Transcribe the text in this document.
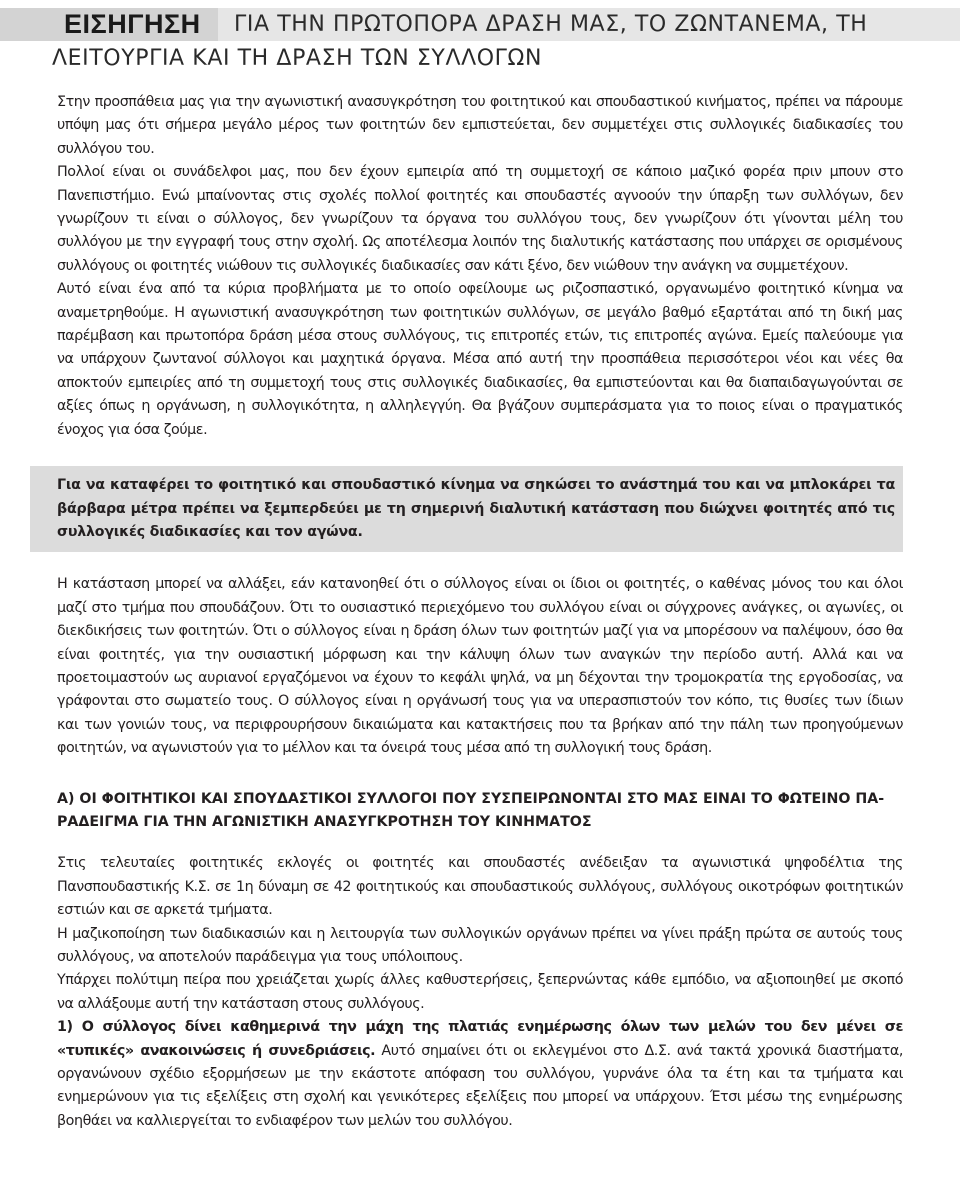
ΕΙΣΗΓΗΣΗ	ΓΙΑ ΤΗΝ ΠΡΩΤΟΠΟΡΑ ΔΡΑΣΗ ΜΑΣ, ΤΟ ΖΩΝΤΑΝΕΜΑ, ΤΗ
ΛΕΙΤΟΥΡΓΙΑ ΚΑΙ ΤΗ ΔΡΑΣΗ ΤΩΝ ΣΥΛΛΟΓΩΝ

Στην προσπάθεια μας για την αγωνιστική ανασυγκρότηση του φοιτητικού και σπουδαστικού κινήματος, πρέπει να πάρουμε υπόψη μας ότι σήμερα μεγάλο μέρος των φοιτητών δεν εμπιστεύεται, δεν συμμετέχει στις συλλογικές διαδικασίες του συλλόγου του.

Πολλοί είναι οι συνάδελφοι μας, που δεν έχουν εμπειρία από τη συμμετοχή σε κάποιο μαζικό φορέα πριν μπουν στο Πανεπιστήμιο. Ενώ μπαίνοντας στις σχολές πολλοί φοιτητές και σπουδαστές αγνοούν την ύπαρξη των συλλόγων, δεν γνωρίζουν τι είναι ο σύλλογος, δεν γνωρίζουν τα όργανα του συλλόγου τους, δεν γνωρίζουν ότι γίνονται μέλη του συλλόγου με την εγγραφή τους στην σχολή. Ως αποτέλεσμα λοιπόν της διαλυτικής κατάστασης που υπάρχει σε ορισμένους συλλόγους οι φοιτητές νιώθουν τις συλλογικές διαδικασίες σαν κάτι ξένο, δεν νιώθουν την ανάγκη να συμμετέχουν.

Αυτό είναι ένα από τα κύρια προβλήματα με το οποίο οφείλουμε ως ριζοσπαστικό, οργανωμένο φοιτητικό κίνημα να αναμετρηθούμε. Η αγωνιστική ανασυγκρότηση των φοιτητικών συλλόγων, σε μεγάλο βαθμό εξαρτάται από τη δική μας παρέμβαση και πρωτοπόρα δράση μέσα στους συλλόγους, τις επιτροπές ετών, τις επιτροπές αγώνα. Εμείς παλεύουμε για να υπάρχουν ζωντανοί σύλλογοι και μαχητικά όργανα. Μέσα από αυτή την προσπάθεια περισσότεροι νέοι και νέες θα αποκτούν εμπειρίες από τη συμμετοχή τους στις συλλογικές διαδικασίες, θα εμπιστεύονται και θα διαπαιδαγωγούνται σε αξίες όπως η οργάνωση, η συλλογικότητα, η αλληλεγγύη. Θα βγάζουν συμπεράσματα για το ποιος είναι ο πραγματικός ένοχος για όσα ζούμε.

Για να καταφέρει το φοιτητικό και σπουδαστικό κίνημα να σηκώσει το ανάστημά του και να μπλοκάρει τα βάρβαρα μέτρα πρέπει να ξεμπερδεύει με τη σημερινή διαλυτική κατάσταση που διώχνει φοιτητές από τις συλλογικές διαδικασίες και τον αγώνα.

Η κατάσταση μπορεί να αλλάξει, εάν κατανοηθεί ότι ο σύλλογος είναι οι ίδιοι οι φοιτητές, ο καθένας μόνος του και όλοι μαζί στο τμήμα που σπουδάζουν. Ότι το ουσιαστικό περιεχόμενο του συλλόγου είναι οι σύγχρονες ανάγκες, οι αγωνίες, οι διεκδικήσεις των φοιτητών. Ότι ο σύλλογος είναι η δράση όλων των φοιτητών μαζί για να μπορέσουν να παλέψουν, όσο θα είναι φοιτητές, για την ουσιαστική μόρφωση και την κάλυψη όλων των αναγκών την περίοδο αυτή. Αλλά και να προετοιμαστούν ως αυριανοί εργαζόμενοι να έχουν το κεφάλι ψηλά, να μη δέχονται την τρομοκρατία της εργοδοσίας, να γράφονται στο σωματείο τους. Ο σύλλογος είναι η οργάνωσή τους για να υπερασπιστούν τον κόπο, τις θυσίες των ίδιων και των γονιών τους, να περιφρουρήσουν δικαιώματα και κατακτήσεις που τα βρήκαν από την πάλη των προηγούμενων φοιτητών, να αγωνιστούν για το μέλλον και τα όνειρά τους μέσα από τη συλλογική τους δράση.

Α) ΟΙ ΦΟΙΤΗΤΙΚΟΙ ΚΑΙ ΣΠΟΥΔΑΣΤΙΚΟΙ ΣΥΛΛΟΓΟΙ ΠΟΥ ΣΥΣΠΕΙΡΩΝΟΝΤΑΙ ΣΤΟ ΜΑΣ ΕΙΝΑΙ ΤΟ ΦΩΤΕΙΝΟ ΠΑ-
ΡΑΔΕΙΓΜΑ ΓΙΑ ΤΗΝ ΑΓΩΝΙΣΤΙΚΗ ΑΝΑΣΥΓΚΡΟΤΗΣΗ ΤΟΥ ΚΙΝΗΜΑΤΟΣ

Στις τελευταίες φοιτητικές εκλογές οι φοιτητές και σπουδαστές ανέδειξαν τα αγωνιστικά ψηφοδέλτια της Πανσπουδαστικής Κ.Σ. σε 1η δύναμη σε 42 φοιτητικούς και σπουδαστικούς συλλόγους, συλλόγους οικοτρόφων φοιτητικών εστιών και σε αρκετά τμήματα.

Η μαζικοποίηση των διαδικασιών και η λειτουργία των συλλογικών οργάνων πρέπει να γίνει πράξη πρώτα σε αυτούς τους συλλόγους, να αποτελούν παράδειγμα για τους υπόλοιπους.

Υπάρχει πολύτιμη πείρα που χρειάζεται χωρίς άλλες καθυστερήσεις, ξεπερνώντας κάθε εμπόδιο, να αξιοποιηθεί με σκοπό να αλλάξουμε αυτή την κατάσταση στους συλλόγους.

1) Ο σύλλογος δίνει καθημερινά την μάχη της πλατιάς ενημέρωσης όλων των μελών του δεν μένει σε «τυπικές» ανακοινώσεις ή συνεδριάσεις. Αυτό σημαίνει ότι οι εκλεγμένοι στο Δ.Σ. ανά τακτά χρονικά διαστήματα, οργανώνουν σχέδιο εξορμήσεων με την εκάστοτε απόφαση του συλλόγου, γυρνάνε όλα τα έτη και τα τμήματα και ενημερώνουν για τις εξελίξεις στη σχολή και γενικότερες εξελίξεις που μπορεί να υπάρχουν. Έτσι μέσω της ενημέρωσης βοηθάει να καλλιεργείται το ενδιαφέρον των μελών του συλλόγου.
